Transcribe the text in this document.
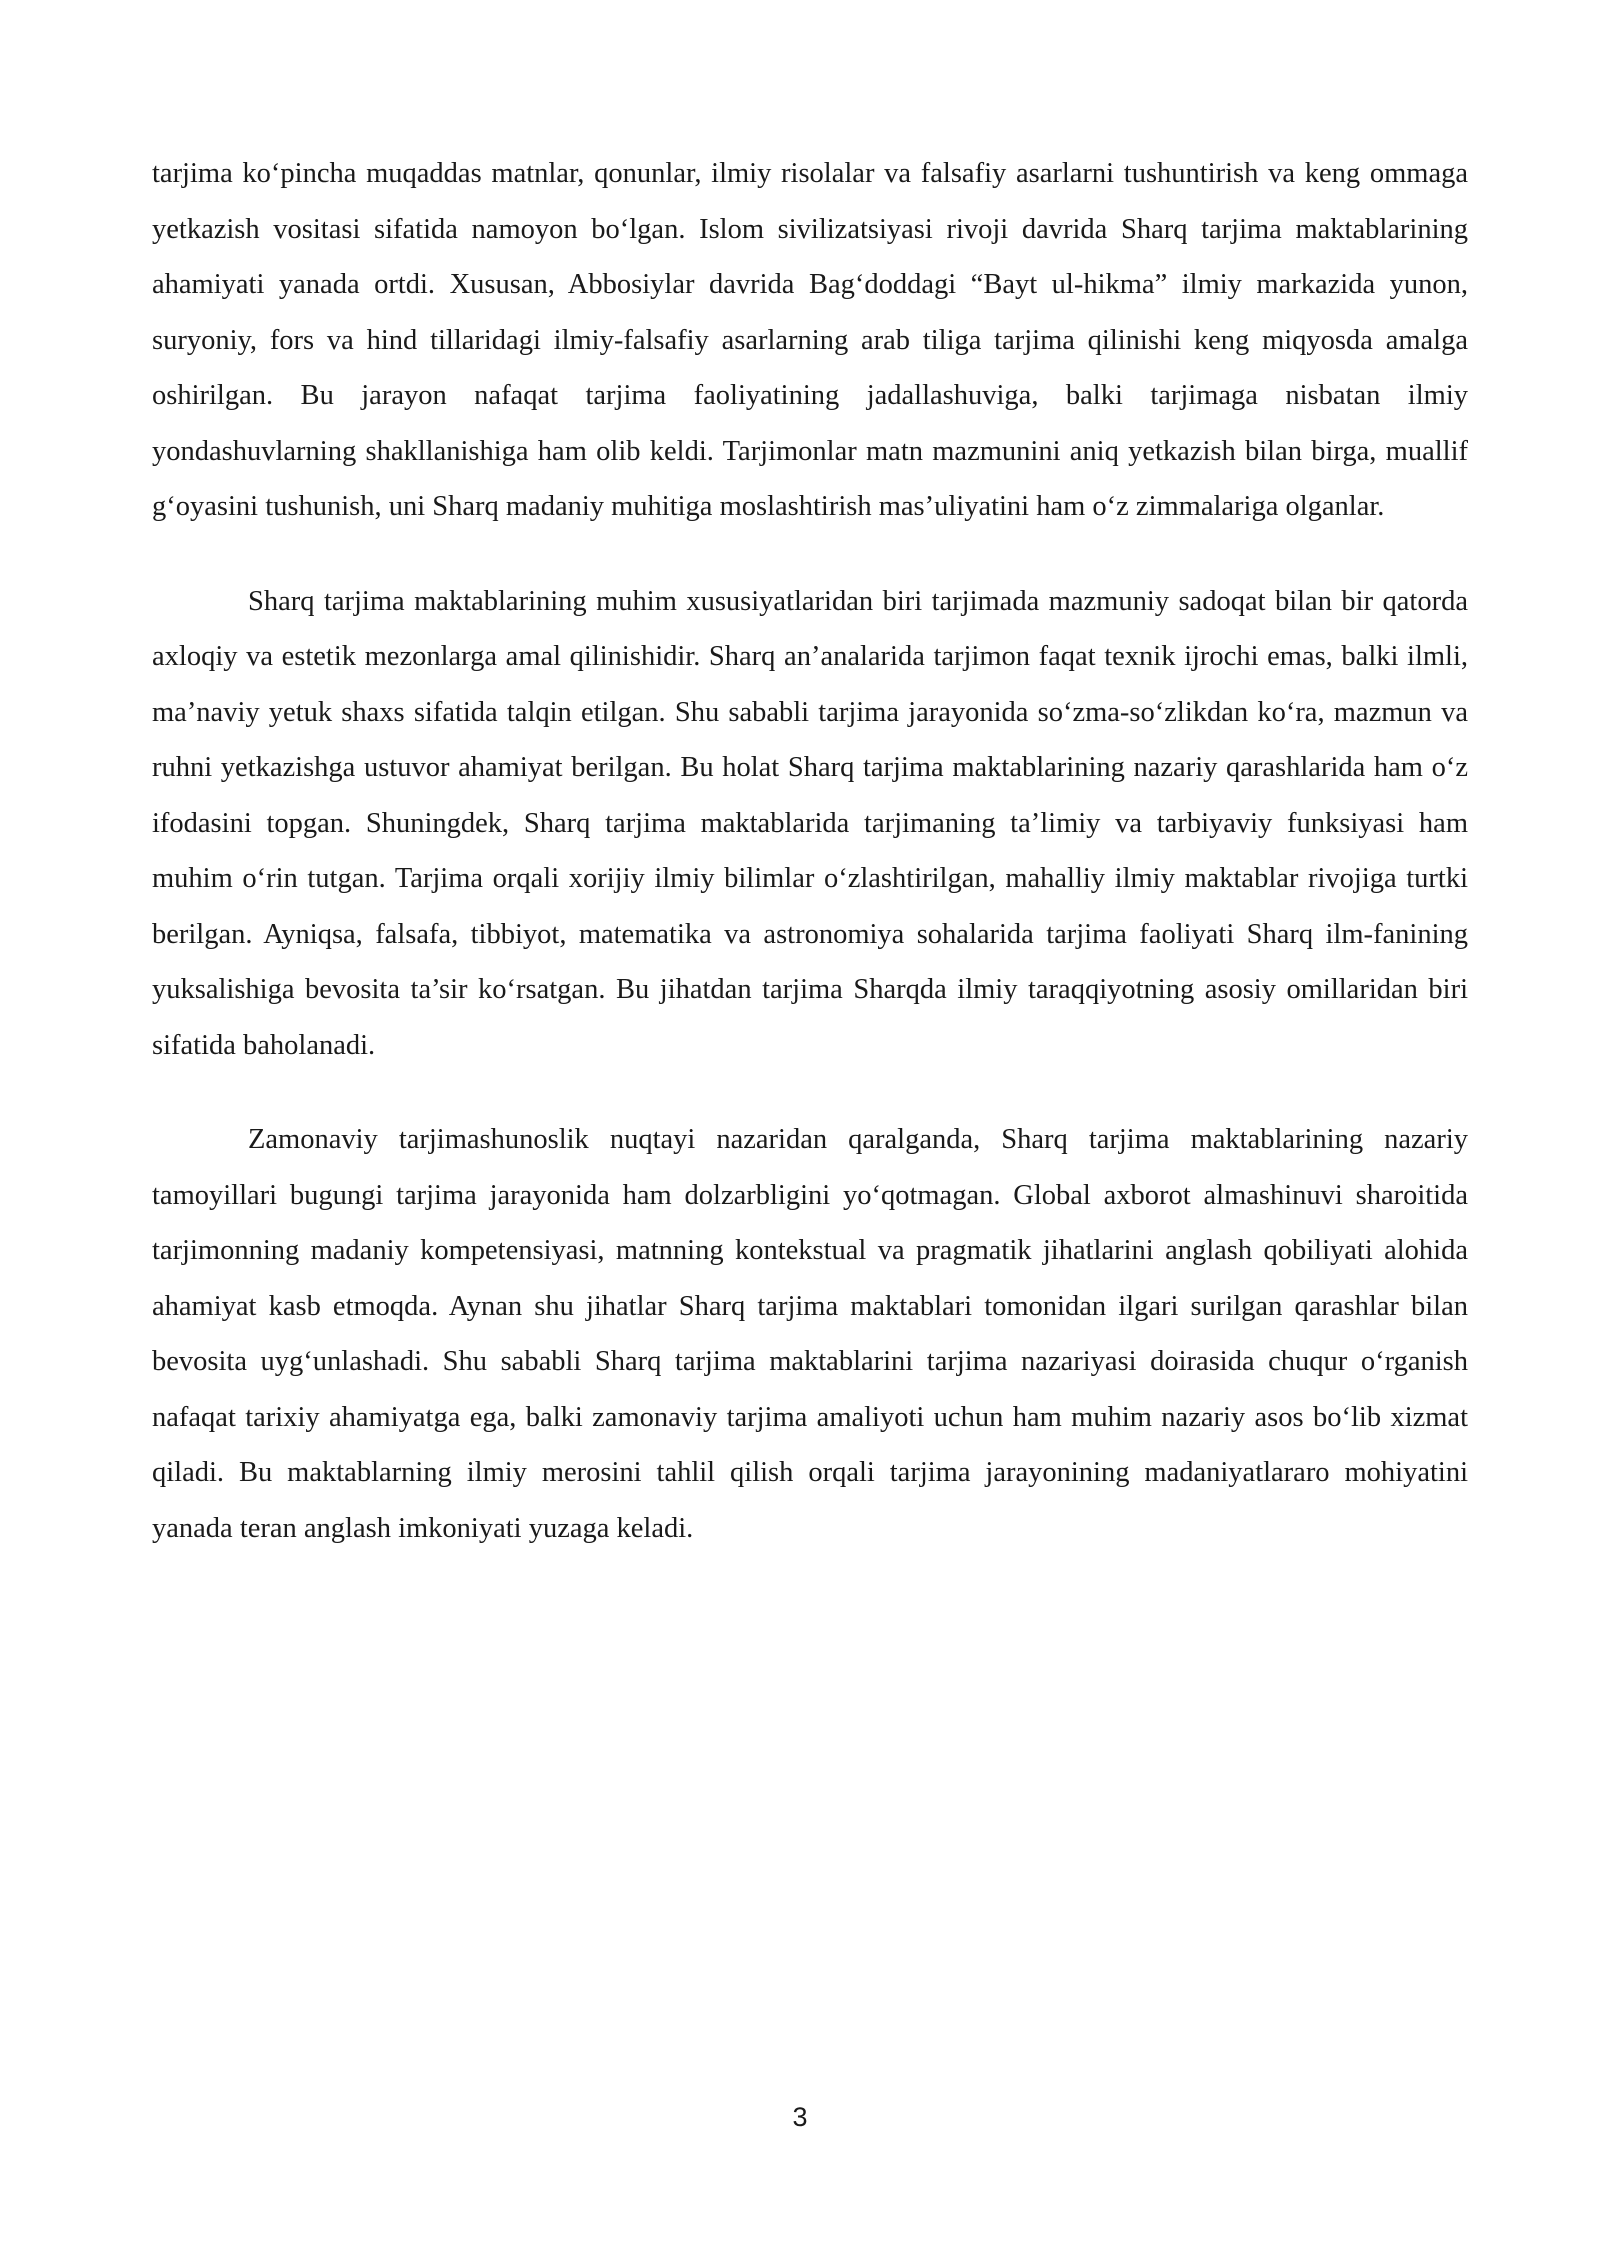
tarjima ko‘pincha muqaddas matnlar, qonunlar, ilmiy risolalar va falsafiy asarlarni tushuntirish va keng ommaga yetkazish vositasi sifatida namoyon bo‘lgan. Islom sivilizatsiyasi rivoji davrida Sharq tarjima maktablarining ahamiyati yanada ortdi. Xususan, Abbosiylar davrida Bag‘doddagi “Bayt ul-hikma” ilmiy markazida yunon, suryoniy, fors va hind tillaridagi ilmiy-falsafiy asarlarning arab tiliga tarjima qilinishi keng miqyosda amalga oshirilgan. Bu jarayon nafaqat tarjima faoliyatining jadallashuviga, balki tarjimaga nisbatan ilmiy yondashuvlarning shakllanishiga ham olib keldi. Tarjimonlar matn mazmunini aniq yetkazish bilan birga, muallif g‘oyasini tushunish, uni Sharq madaniy muhitiga moslashtirish mas’uliyatini ham o‘z zimmalariga olganlar.

Sharq tarjima maktablarining muhim xususiyatlaridan biri tarjimada mazmuniy sadoqat bilan bir qatorda axloqiy va estetik mezonlarga amal qilinishidir. Sharq an’analarida tarjimon faqat texnik ijrochi emas, balki ilmli, ma’naviy yetuk shaxs sifatida talqin etilgan. Shu sababli tarjima jarayonida so‘zma-so‘zlikdan ko‘ra, mazmun va ruhni yetkazishga ustuvor ahamiyat berilgan. Bu holat Sharq tarjima maktablarining nazariy qarashlarida ham o‘z ifodasini topgan. Shuningdek, Sharq tarjima maktablarida tarjimaning ta’limiy va tarbiyaviy funksiyasi ham muhim o‘rin tutgan. Tarjima orqali xorijiy ilmiy bilimlar o‘zlashtirilgan, mahalliy ilmiy maktablar rivojiga turtki berilgan. Ayniqsa, falsafa, tibbiyot, matematika va astronomiya sohalarida tarjima faoliyati Sharq ilm-fanining yuksalishiga bevosita ta’sir ko‘rsatgan. Bu jihatdan tarjima Sharqda ilmiy taraqqiyotning asosiy omillaridan biri sifatida baholanadi.

Zamonaviy tarjimashunoslik nuqtayi nazaridan qaralganda, Sharq tarjima maktablarining nazariy tamoyillari bugungi tarjima jarayonida ham dolzarbligini yo‘qotmagan. Global axborot almashinuvi sharoitida tarjimonning madaniy kompetensiyasi, matnning kontekstual va pragmatik jihatlarini anglash qobiliyati alohida ahamiyat kasb etmoqda. Aynan shu jihatlar Sharq tarjima maktablari tomonidan ilgari surilgan qarashlar bilan bevosita uyg‘unlashadi. Shu sababli Sharq tarjima maktablarini tarjima nazariyasi doirasida chuqur o‘rganish nafaqat tarixiy ahamiyatga ega, balki zamonaviy tarjima amaliyoti uchun ham muhim nazariy asos bo‘lib xizmat qiladi. Bu maktablarning ilmiy merosini tahlil qilish orqali tarjima jarayonining madaniyatlararo mohiyatini yanada teran anglash imkoniyati yuzaga keladi.

3
